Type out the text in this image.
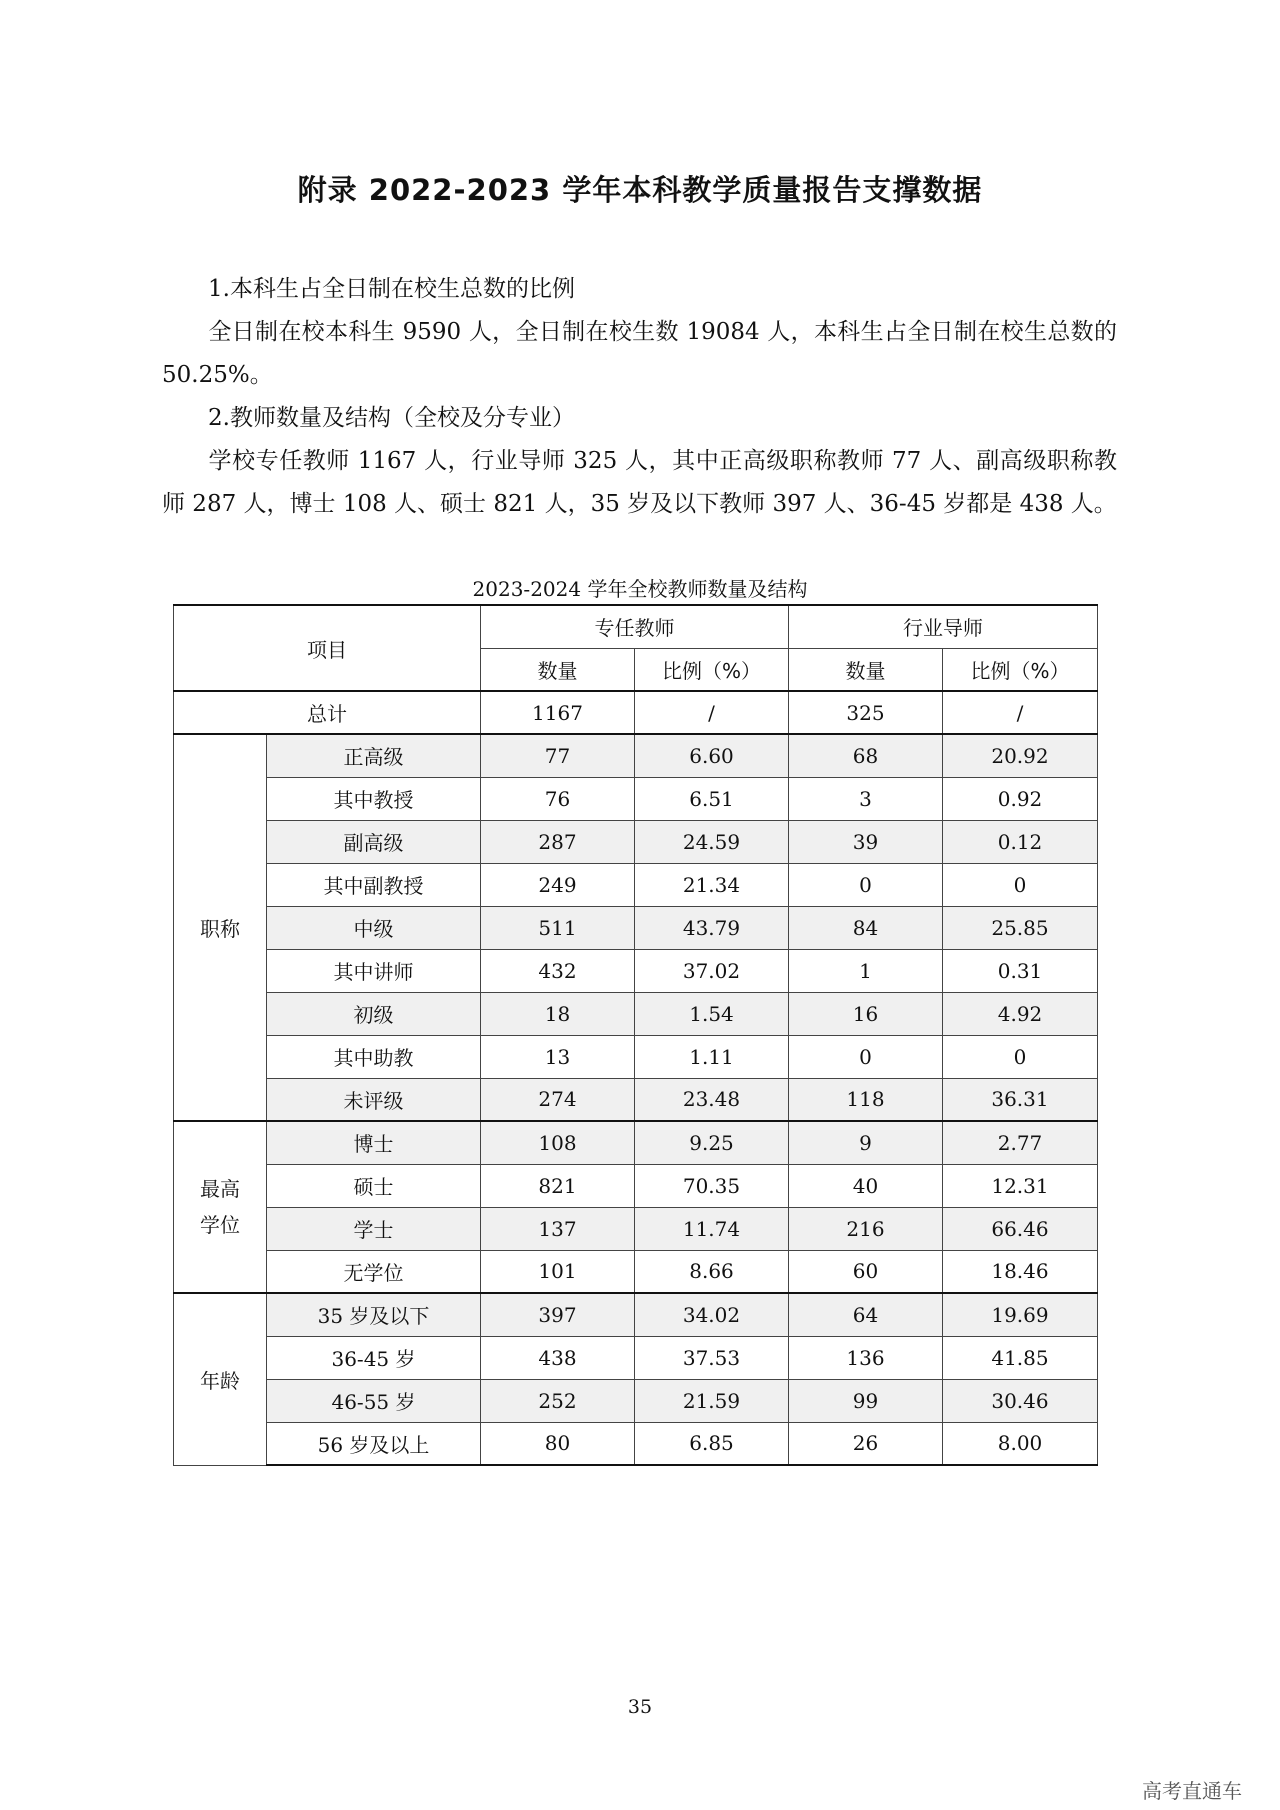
附录 2022-2023 学年本科教学质量报告支撑数据
1.本科生占全日制在校生总数的比例
全日制在校本科生 9590 人，全日制在校生数 19084 人，本科生占全日制在校生总数的 50.25%。
2.教师数量及结构（全校及分专业）
学校专任教师 1167 人，行业导师 325 人，其中正高级职称教师 77 人、副高级职称教师 287 人，博士 108 人、硕士 821 人，35 岁及以下教师 397 人、36-45 岁都是 438 人。
2023-2024 学年全校教师数量及结构
项目		专任教师		行业导师	
		数量	比例（%）	数量	比例（%）
总计		1167	/	325	/
职称	正高级	77	6.60	68	20.92
	其中教授	76	6.51	3	0.92
	副高级	287	24.59	39	0.12
	其中副教授	249	21.34	0	0
	中级	511	43.79	84	25.85
	其中讲师	432	37.02	1	0.31
	初级	18	1.54	16	4.92
	其中助教	13	1.11	0	0
	未评级	274	23.48	118	36.31
最高学位	博士	108	9.25	9	2.77
	硕士	821	70.35	40	12.31
	学士	137	11.74	216	66.46
	无学位	101	8.66	60	18.46
年龄	35 岁及以下	397	34.02	64	19.69
	36-45 岁	438	37.53	136	41.85
	46-55 岁	252	21.59	99	30.46
	56 岁及以上	80	6.85	26	8.00
35
高考直通车
